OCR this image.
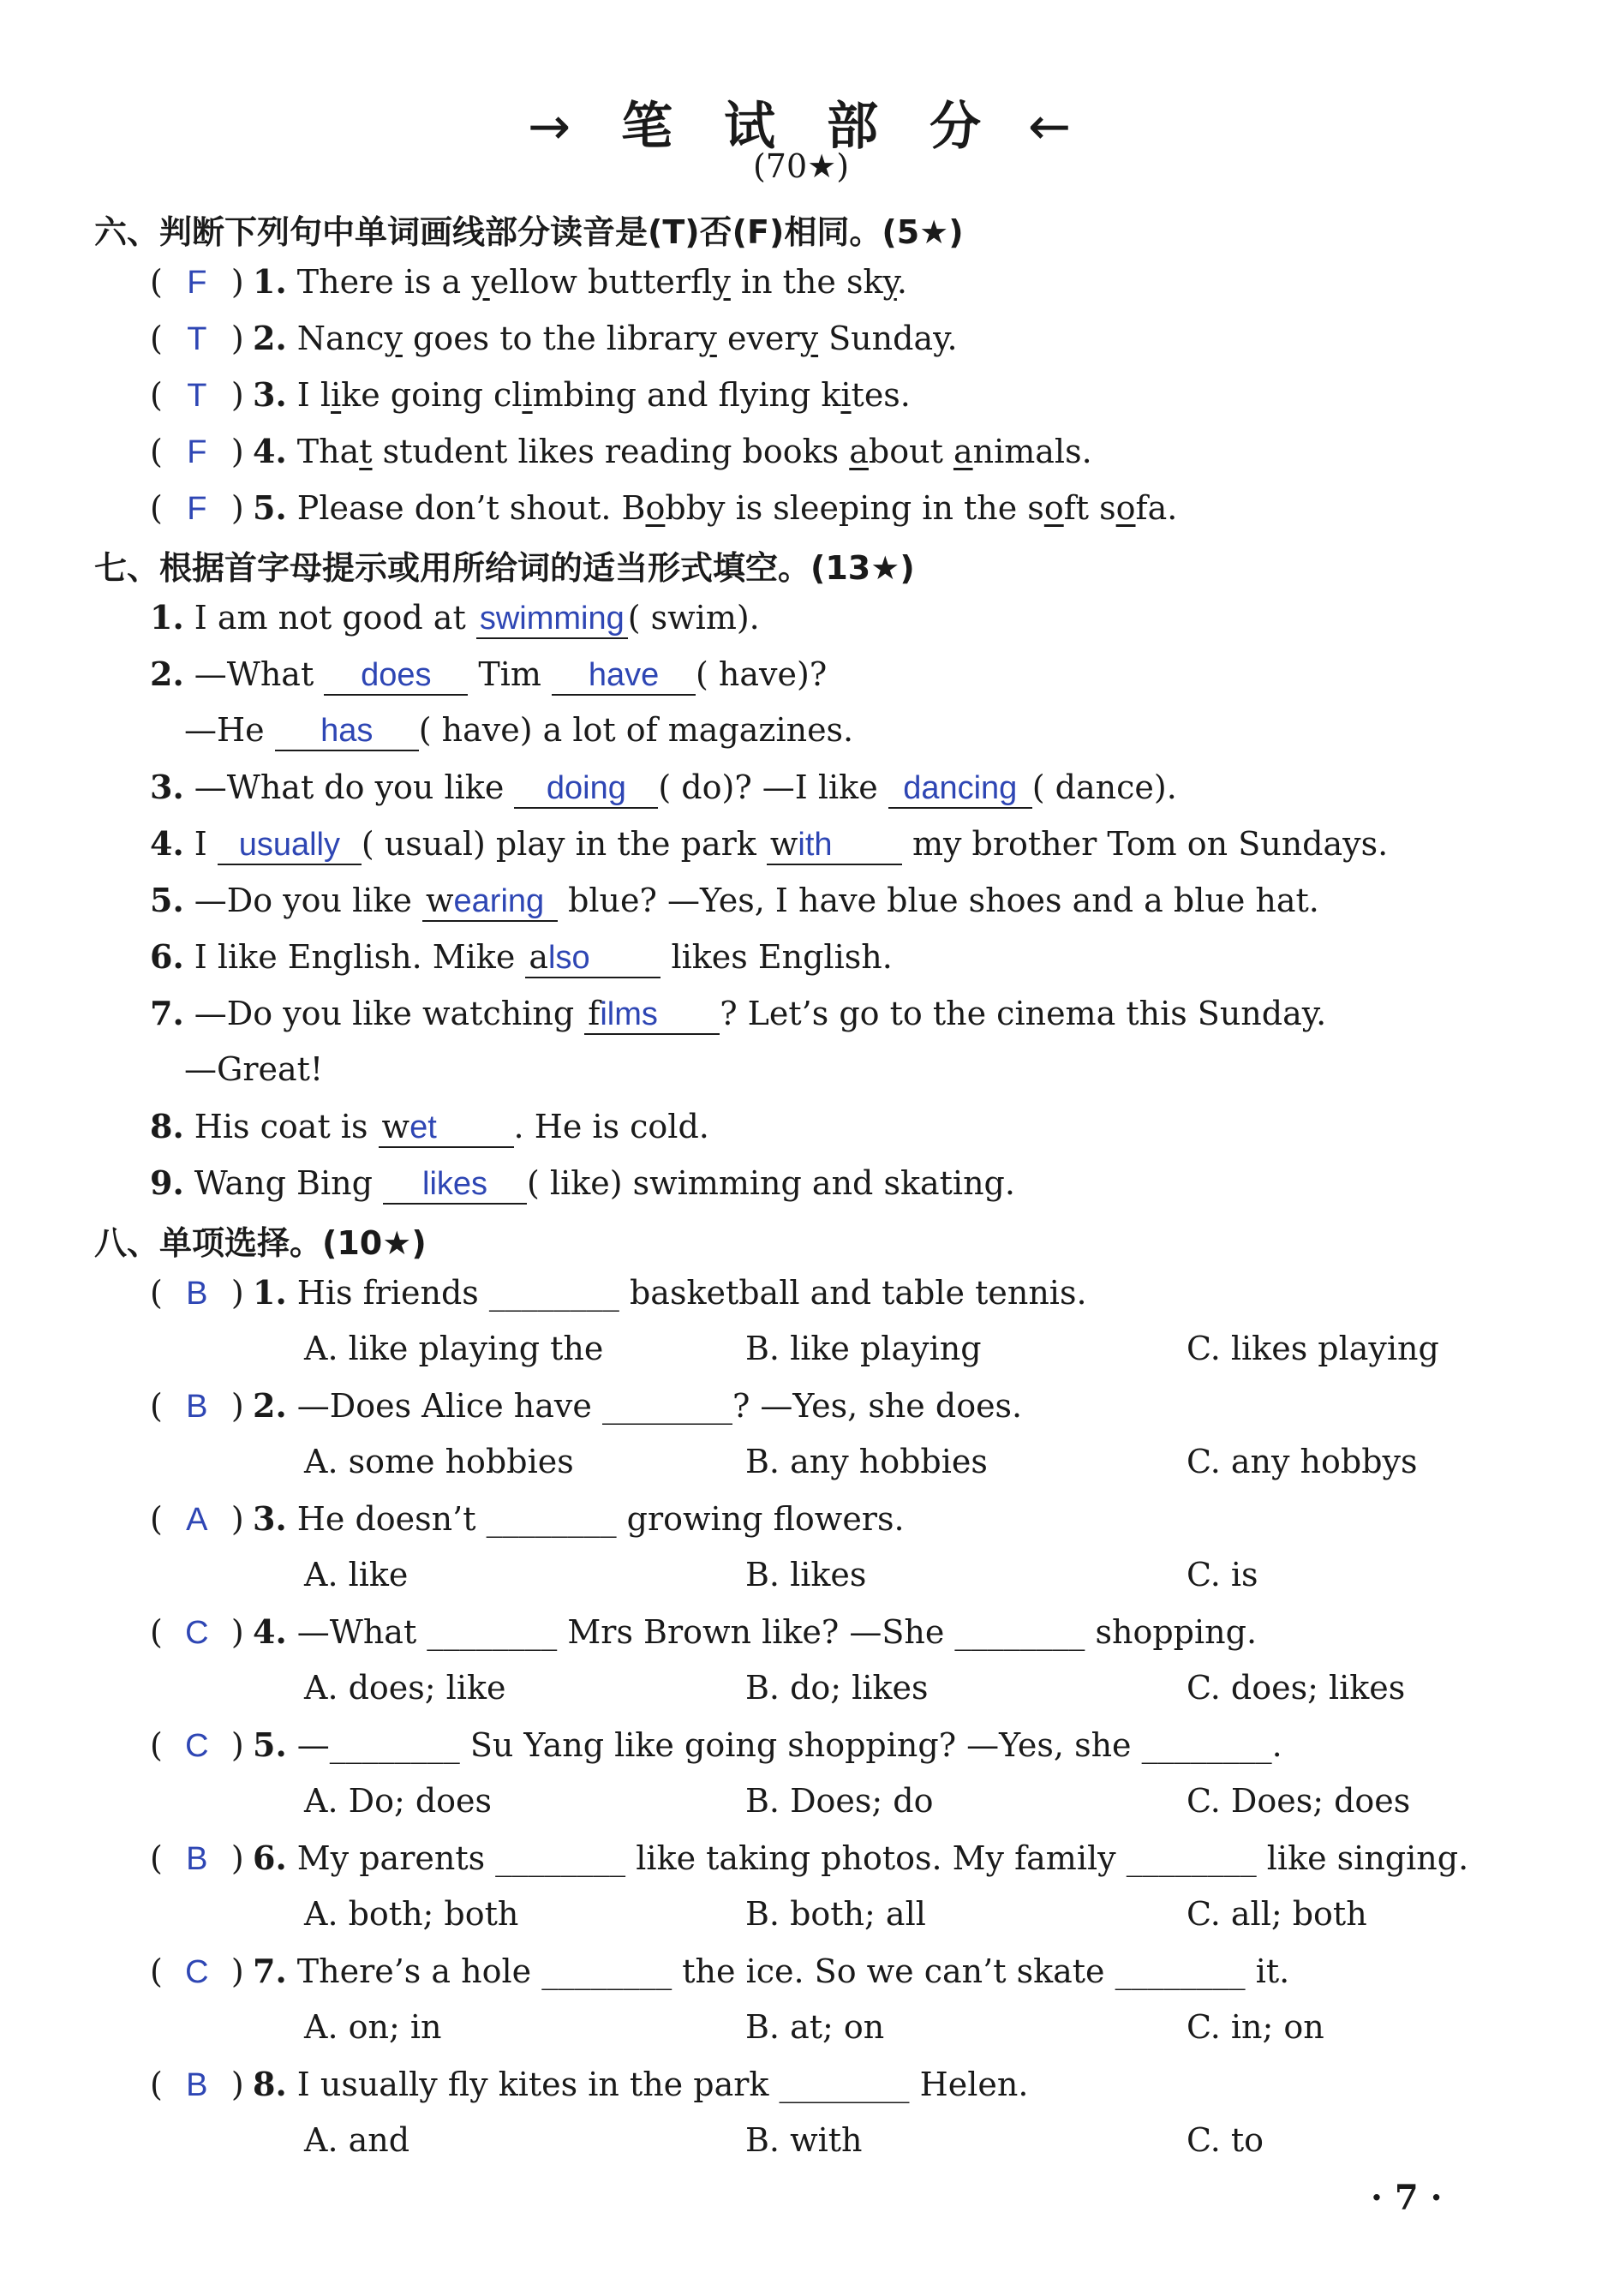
→ 笔试部分 ←
(70★)
六、判断下列句中单词画线部分读音是(T)否(F)相同。(5★)
( F ) 1. There is a yellow butterfly in the sky.
( T ) 2. Nancy goes to the library every Sunday.
( T ) 3. I like going climbing and flying kites.
( F ) 4. That student likes reading books about animals.
( F ) 5. Please don’t shout. Bobby is sleeping in the soft sofa.
七、根据首字母提示或用所给词的适当形式填空。(13★)
1. I am not good at swimming ( swim).
2. —What does Tim have ( have)?
—He has ( have) a lot of magazines.
3. —What do you like doing ( do)? —I like dancing ( dance).
4. I usually ( usual) play in the park with my brother Tom on Sundays.
5. —Do you like wearing blue? —Yes, I have blue shoes and a blue hat.
6. I like English. Mike also likes English.
7. —Do you like watching films ? Let’s go to the cinema this Sunday.
—Great!
8. His coat is wet . He is cold.
9. Wang Bing likes ( like) swimming and skating.
八、单项选择。(10★)
( B ) 1. His friends ________ basketball and table tennis.
A. like playing the	B. like playing	C. likes playing
( B ) 2. —Does Alice have ________? —Yes, she does.
A. some hobbies	B. any hobbies	C. any hobbys
( A ) 3. He doesn’t ________ growing flowers.
A. like	B. likes	C. is
( C ) 4. —What ________ Mrs Brown like? —She ________ shopping.
A. does; like	B. do; likes	C. does; likes
( C ) 5. —________ Su Yang like going shopping? —Yes, she ________.
A. Do; does	B. Does; do	C. Does; does
( B ) 6. My parents ________ like taking photos. My family ________ like singing.
A. both; both	B. both; all	C. all; both
( C ) 7. There’s a hole ________ the ice. So we can’t skate ________ it.
A. on; in	B. at; on	C. in; on
( B ) 8. I usually fly kites in the park ________ Helen.
A. and	B. with	C. to
· 7 ·
